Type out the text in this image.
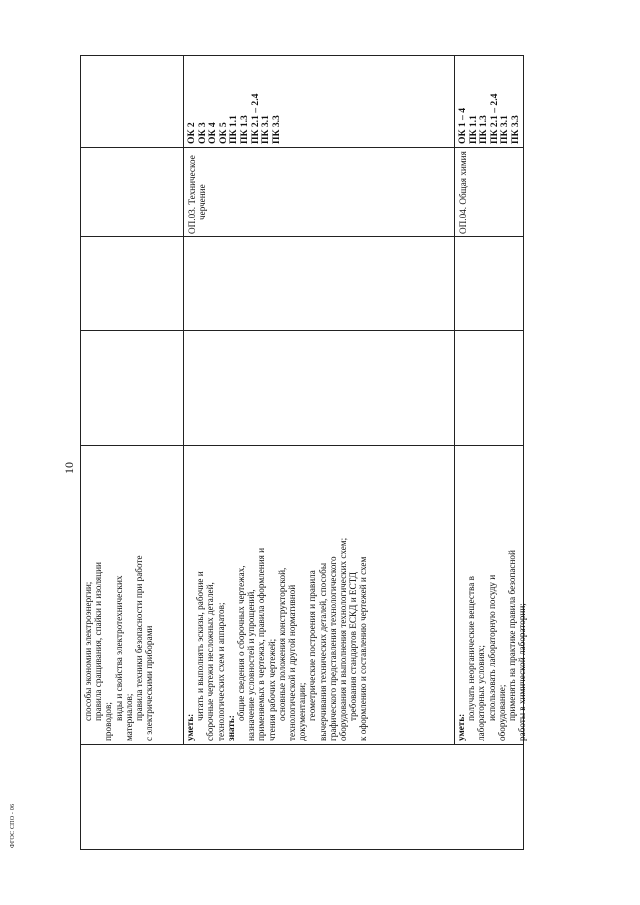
10
ФГОС СПО - 06
способы экономии электроэнергии; правила сращивания, спайки и изоляции
проводов;
виды и свойства электротехнических материалов; правила техники безопасности при работе с электрическими приборами	уметь:
читать и выполнять эскизы, рабочие и сборочные чертежи несложных деталей, технологических схем и аппаратов; знать:
общие сведения о сборочных чертежах, назначение условностей и упрощений, применяемых в чертежах, правила оформления и чтения рабочих чертежей; основные положения конструкторской, технологической и другой нормативной документации; геометрические построения и правила вычерчивания технических деталей, способы графического представления технологического оборудования и выполнения технологических схем; требования стандартов ЕСКД и ЕСТД к оформлению и составлению чертежей и схем
ОП.03. Техническое черчение
ОК 2 ОК 3 ОК 4 ОК 5 ПК 1.1 ПК 1.3 ПК 2.1 – 2.4 ПК 3.1 ПК 3.3
уметь:
получать неорганические вещества в лабораторных условиях; использовать лабораторную посуду и оборудование; применять на практике правила безопасной работы в химической лаборатории;
ОП.04. Общая химия
ОК 1 – 4 ПК 1.1 ПК 1.3 ПК 2.1 – 2.4 ПК 3.1 ПК 3.3
